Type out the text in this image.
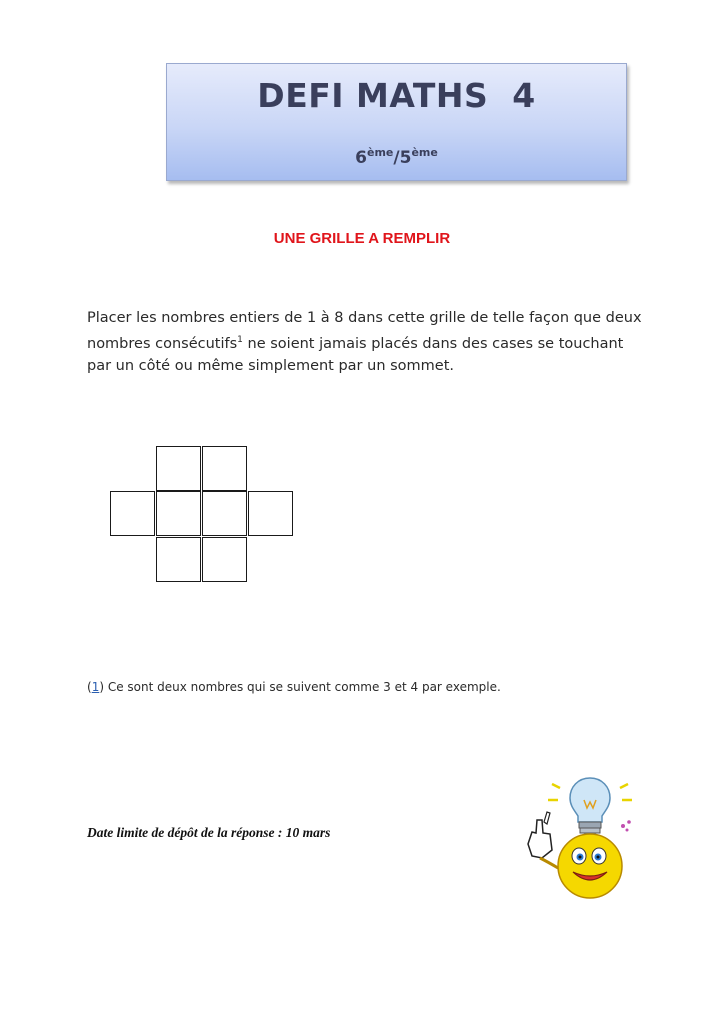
DEFI MATHS  4
6ème/5ème
UNE GRILLE A REMPLIR
Placer les nombres entiers de 1 à 8 dans cette grille de telle façon que deux nombres consécutifs$^1$ ne soient jamais placés dans des cases se touchant par un côté ou même simplement par un sommet.
(1) Ce sont deux nombres qui se suivent comme 3 et 4 par exemple.
Date limite de dépôt de la réponse : 10 mars
